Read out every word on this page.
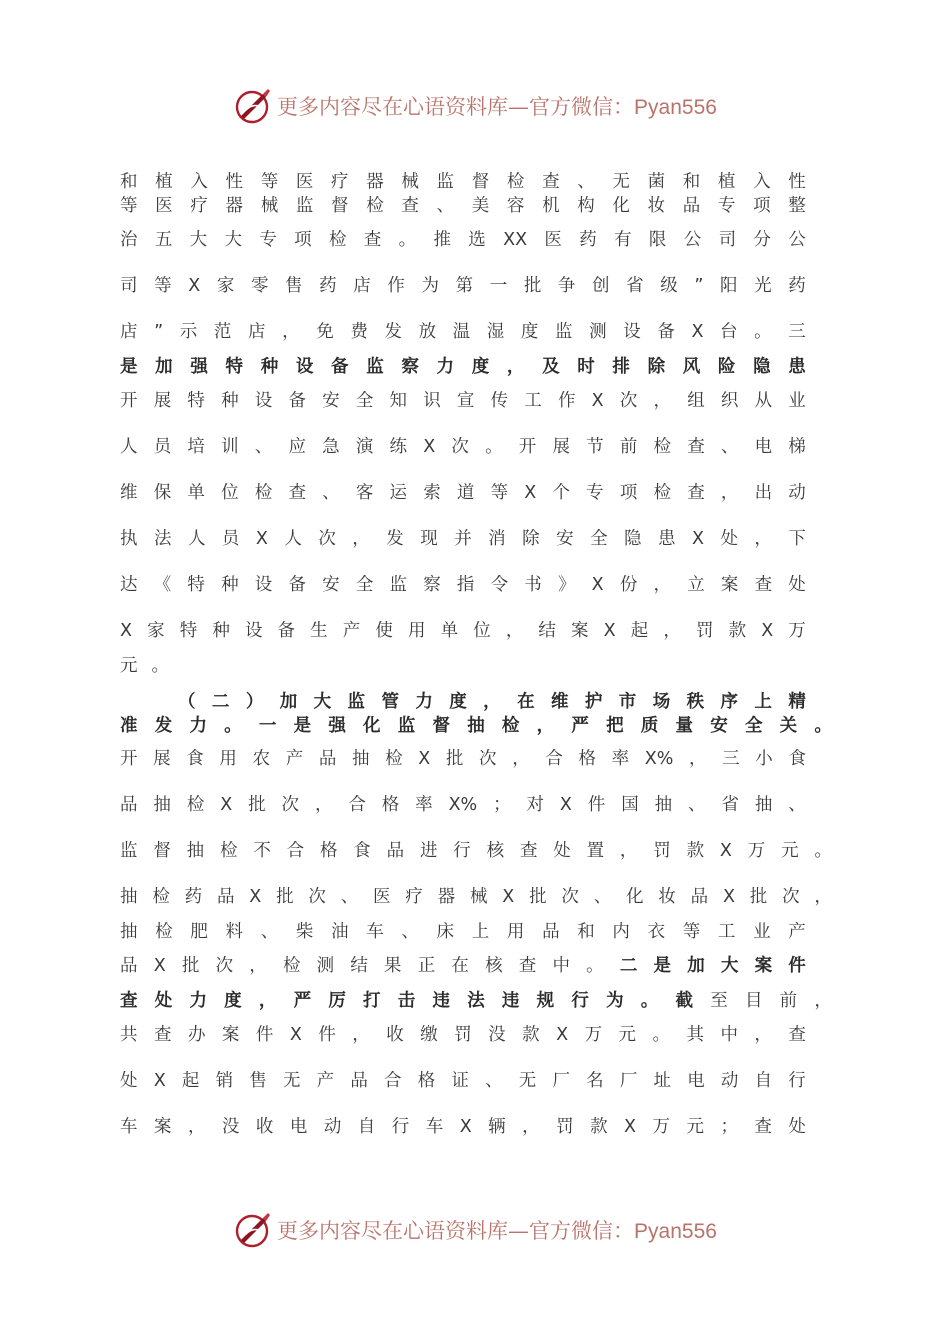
更多内容尽在心语资料库—官方微信：Pyan556
和 植 入 性 等 医 疗 器 械 监 督 检 查 、 无 菌 和 植 入 性
等 医 疗 器 械 监 督 检 查 、 美 容 机 构 化 妆 品 专 项 整
治 五 大 大 专 项 检 查 。 推 选 XX 医 药 有 限 公 司 分 公
司 等 X 家 零 售 药 店 作 为 第 一 批 争 创 省 级 ” 阳 光 药
店 ” 示 范 店 ， 免 费 发 放 温 湿 度 监 测 设 备 X 台 。 三
是 加 强 特 种 设 备 监 察 力 度 ， 及 时 排 除 风 险 隐 患
开 展 特 种 设 备 安 全 知 识 宣 传 工 作 X 次 ， 组 织 从 业
人 员 培 训 、 应 急 演 练 X 次 。 开 展 节 前 检 查 、 电 梯
维 保 单 位 检 查 、 客 运 索 道 等 X 个 专 项 检 查 ， 出 动
执 法 人 员 X 人 次 ， 发 现 并 消 除 安 全 隐 患 X 处 ， 下
达 《 特 种 设 备 安 全 监 察 指 令 书 》 X 份 ， 立 案 查 处
X 家 特 种 设 备 生 产 使 用 单 位 ， 结 案 X 起 ， 罚 款 X 万
元 。
（ 二 ） 加 大 监 管 力 度 ， 在 维 护 市 场 秩 序 上 精
准 发 力 。 一 是 强 化 监 督 抽 检 ， 严 把 质 量 安 全 关 。
开 展 食 用 农 产 品 抽 检 X 批 次 ， 合 格 率 X% ， 三 小 食
品 抽 检 X 批 次 ， 合 格 率 X% ； 对 X 件 国 抽 、 省 抽 、
监 督 抽 检 不 合 格 食 品 进 行 核 查 处 置 ， 罚 款 X 万 元 。
抽 检 药 品 X 批 次 、 医 疗 器 械 X 批 次 、 化 妆 品 X 批 次 ，
抽 检 肥 料 、 柴 油 车 、 床 上 用 品 和 内 衣 等 工 业 产
品 X 批 次 ， 检 测 结 果 正 在 核 查 中 。 二 是 加 大 案 件
查 处 力 度 ， 严 厉 打 击 违 法 违 规 行 为 。 截 至 目 前 ，
共 查 办 案 件 X 件 ， 收 缴 罚 没 款 X 万 元 。 其 中 ， 查
处 X 起 销 售 无 产 品 合 格 证 、 无 厂 名 厂 址 电 动 自 行
车 案 ， 没 收 电 动 自 行 车 X 辆 ， 罚 款 X 万 元 ； 查 处
更多内容尽在心语资料库—官方微信：Pyan556
